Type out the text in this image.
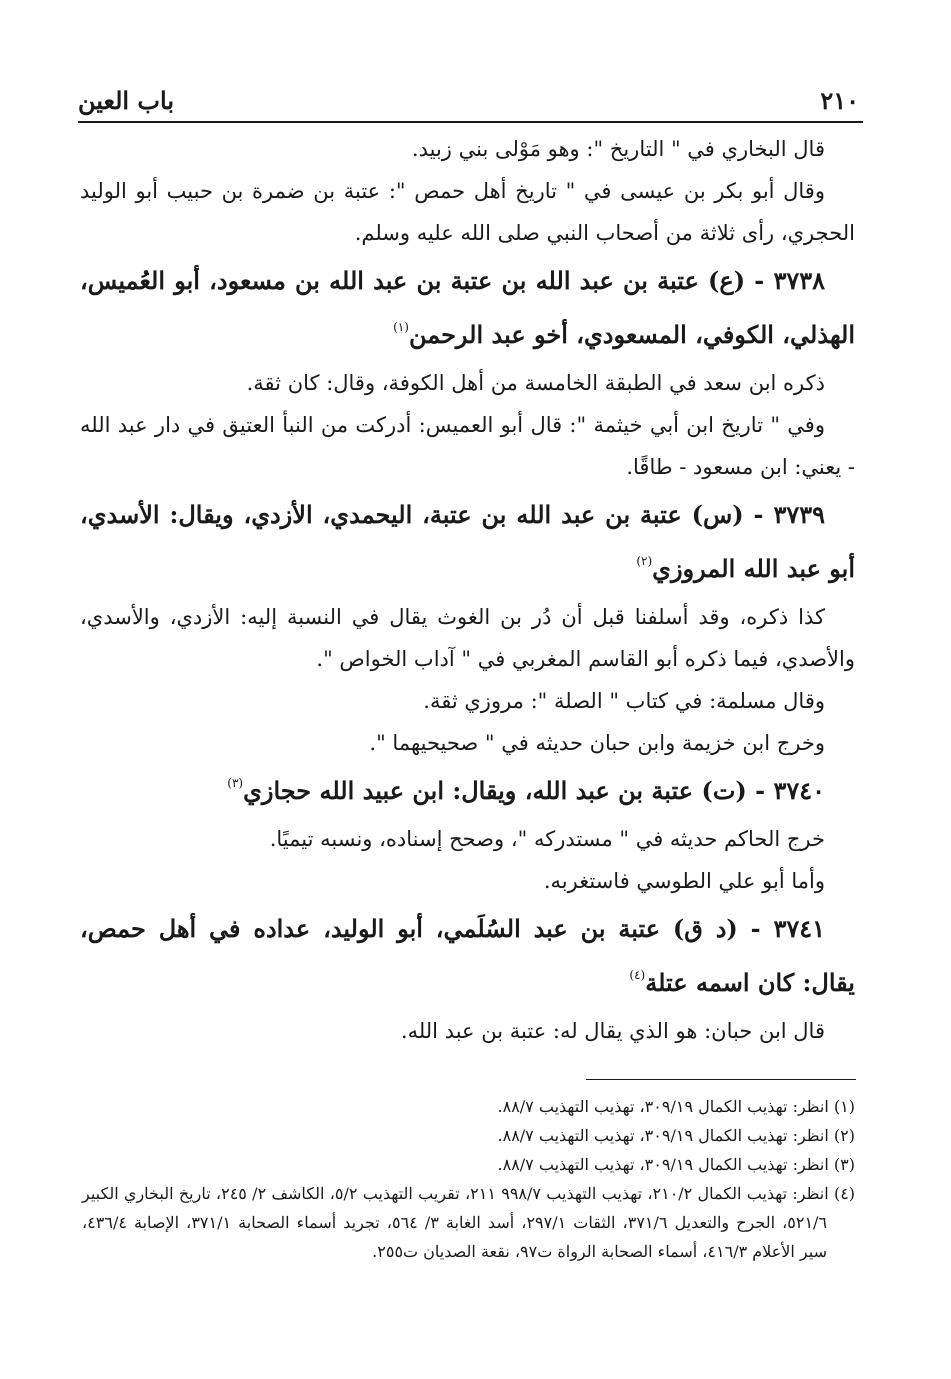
٢١٠
باب العين

قال البخاري في " التاريخ ": وهو مَوْلى بني زبيد.

وقال أبو بكر بن عيسى في " تاريخ أهل حمص ": عتبة بن ضمرة بن حبيب أبو الوليد الحجري، رأى ثلاثة من أصحاب النبي صلى الله عليه وسلم.

٣٧٣٨ - (ع) عتبة بن عبد الله بن عتبة بن عبد الله بن مسعود، أبو العُميس، الهذلي، الكوفي، المسعودي، أخو عبد الرحمن$^{(١)}$

ذكره ابن سعد في الطبقة الخامسة من أهل الكوفة، وقال: كان ثقة.

وفي " تاريخ ابن أبي خيثمة ": قال أبو العميس: أدركت من النبأ العتيق في دار عبد الله - يعني: ابن مسعود - طاقًا.

٣٧٣٩ - (س) عتبة بن عبد الله بن عتبة، اليحمدي، الأزدي، ويقال: الأسدي، أبو عبد الله المروزي$^{(٢)}$

كذا ذكره، وقد أسلفنا قبل أن دُر بن الغوث يقال في النسبة إليه: الأزدي، والأسدي، والأصدي، فيما ذكره أبو القاسم المغربي في " آداب الخواص ".

وقال مسلمة: في كتاب " الصلة ": مروزي ثقة.

وخرج ابن خزيمة وابن حبان حديثه في " صحيحيهما ".

٣٧٤٠ - (ت) عتبة بن عبد الله، ويقال: ابن عبيد الله حجازي$^{(٣)}$

خرج الحاكم حديثه في " مستدركه "، وصحح إسناده، ونسبه تيميًا.

وأما أبو علي الطوسي فاستغربه.

٣٧٤١ - (د ق) عتبة بن عبد السُلَمي، أبو الوليد، عداده في أهل حمص، يقال: كان اسمه عتلة$^{(٤)}$

قال ابن حبان: هو الذي يقال له: عتبة بن عبد الله.

(١) انظر: تهذيب الكمال ٣٠٩/١٩، تهذيب التهذيب ٨٨/٧.

(٢) انظر: تهذيب الكمال ٣٠٩/١٩، تهذيب التهذيب ٨٨/٧.

(٣) انظر: تهذيب الكمال ٣٠٩/١٩، تهذيب التهذيب ٨٨/٧.

(٤) انظر: تهذيب الكمال ٢١٠/٢، تهذيب التهذيب ٩٩٨/٧ ٢١١، تقريب التهذيب ٥/٢، الكاشف ٢/ ٢٤٥، تاريخ البخاري الكبير ٥٢١/٦، الجرح والتعديل ٣٧١/٦، الثقات ٢٩٧/١، أسد الغابة ٣/ ٥٦٤، تجريد أسماء الصحابة ٣٧١/١، الإصابة ٤٣٦/٤، سير الأعلام ٤١٦/٣، أسماء الصحابة الرواة ت٩٧، نقعة الصديان ت٢٥٥.
